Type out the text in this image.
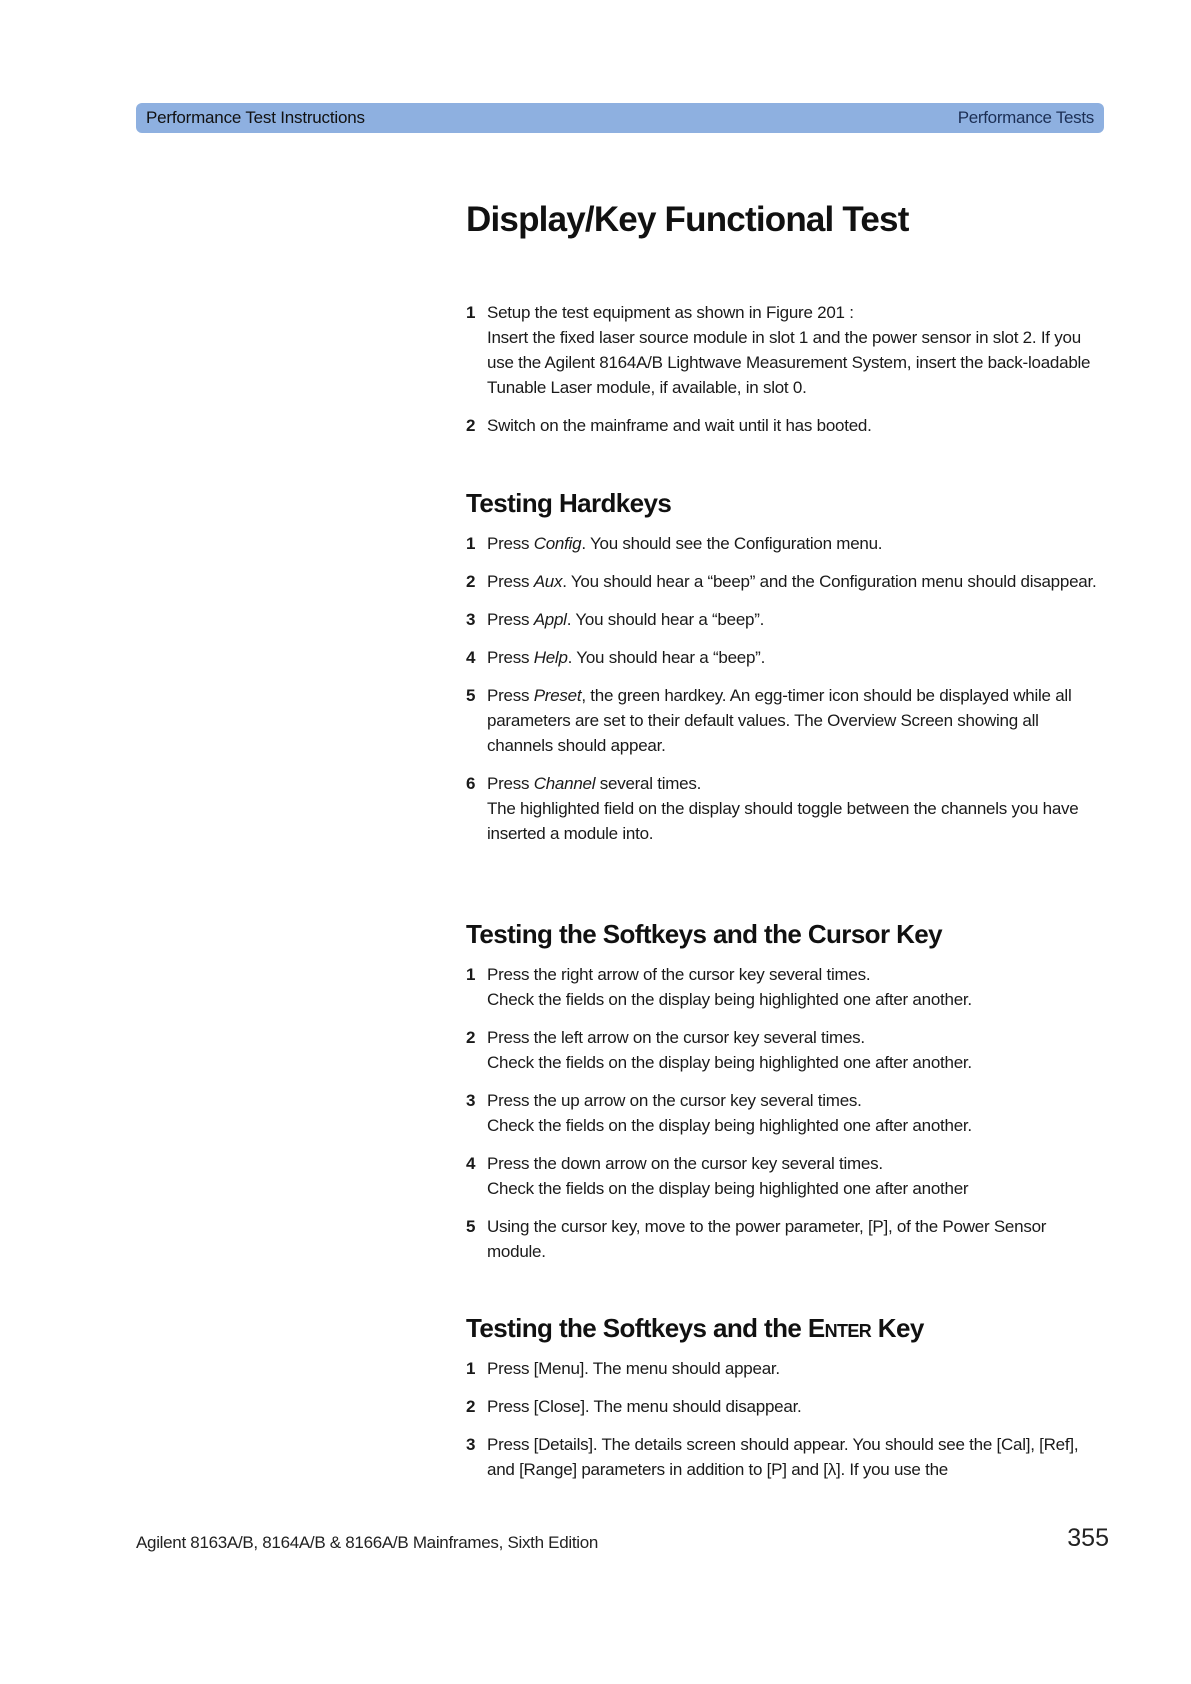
Performance Test Instructions	Performance Tests
Display/Key Functional Test
1 Setup the test equipment as shown in Figure 201 :
Insert the fixed laser source module in slot 1 and the power sensor in slot 2. If you use the Agilent 8164A/B Lightwave Measurement System, insert the back-loadable Tunable Laser module, if available, in slot 0.
2 Switch on the mainframe and wait until it has booted.
Testing Hardkeys
1 Press Config. You should see the Configuration menu.
2 Press Aux. You should hear a “beep” and the Configuration menu should disappear.
3 Press Appl. You should hear a “beep”.
4 Press Help. You should hear a “beep”.
5 Press Preset, the green hardkey. An egg-timer icon should be displayed while all parameters are set to their default values. The Overview Screen showing all channels should appear.
6 Press Channel several times.
The highlighted field on the display should toggle between the channels you have inserted a module into.
Testing the Softkeys and the Cursor Key
1 Press the right arrow of the cursor key several times.
Check the fields on the display being highlighted one after another.
2 Press the left arrow on the cursor key several times.
Check the fields on the display being highlighted one after another.
3 Press the up arrow on the cursor key several times.
Check the fields on the display being highlighted one after another.
4 Press the down arrow on the cursor key several times.
Check the fields on the display being highlighted one after another
5 Using the cursor key, move to the power parameter, [P], of the Power Sensor module.
Testing the Softkeys and the Enter Key
1 Press [Menu]. The menu should appear.
2 Press [Close]. The menu should disappear.
3 Press [Details]. The details screen should appear. You should see the [Cal], [Ref], and [Range] parameters in addition to [P] and [λ]. If you use the
Agilent 8163A/B, 8164A/B & 8166A/B Mainframes, Sixth Edition	355
